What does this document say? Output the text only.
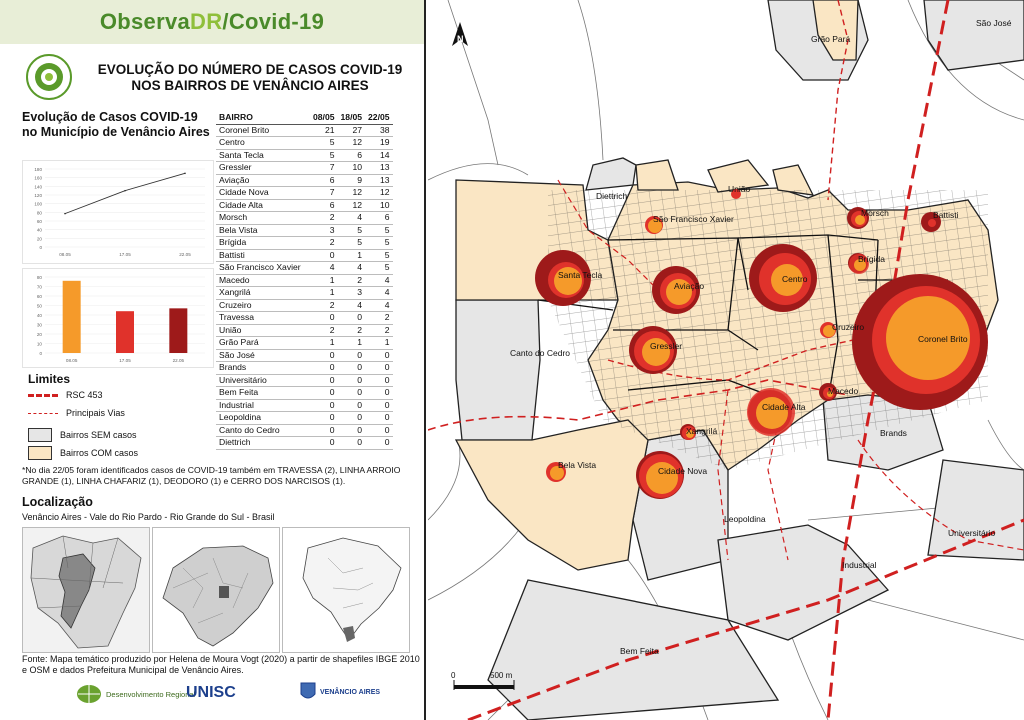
Observa DR /Covid-19
EVOLUÇÃO DO NÚMERO DE CASOS COVID-19
NOS BAIRROS DE VENÂNCIO AIRES
Evolução de Casos COVID-19 no Município de Venâncio Aires
0
20
40
60
80
100
120
140
160
180
08.05	17.05	22.05
0
10
20
30
40
50
60
70
80
08.05	17.05	22.05
BAIRRO	08/05	18/05	22/05
Coronel Brito	21	27	38
Centro	5	12	19
Santa Tecla	5	6	14
Gressler	7	10	13
Aviação	6	9	13
Cidade Nova	7	12	12
Cidade Alta	6	12	10
Morsch	2	4	6
Bela Vista	3	5	5
Brígida	2	5	5
Battisti	0	1	5
São Francisco Xavier	4	4	5
Macedo	1	2	4
Xangrilá	1	3	4
Cruzeiro	2	4	4
Travessa	0	0	2
União	2	2	2
Grão Pará	1	1	1
São José	0	0	0
Brands	0	0	0
Universitário	0	0	0
Bem Feita	0	0	0
Industrial	0	0	0
Leopoldina	0	0	0
Canto do Cedro	0	0	0
Diettrich	0	0	0
Limites
RSC 453
Principais Vias
Bairros SEM casos
Bairros COM casos
*No dia 22/05 foram identificados casos de COVID-19 também em TRAVESSA (2), LINHA ARROIO GRANDE (1), LINHA CHAFARIZ (1), DEODORO (1) e CERRO DOS NARCISOS (1).
Localização
Venâncio Aires - Vale do Rio Pardo - Rio Grande do Sul - Brasil
Fonte: Mapa temático produzido por Helena de Moura Vogt (2020) a partir de shapefiles IBGE 2010 e OSM e dados Prefeitura Municipal de Venâncio Aires.
Desenvolvimento Regional
UNISC	VENÂNCIO AIRES
Grão Pará
São José
União
Diettrich
São Francisco Xavier
Morsch	Battisti
Santa Tecla
Aviação
Centro
Brígida
Cruzeiro
Coronel Brito
Canto do Cedro
Gressler
Macedo
Cidade Alta
Brands
Xangrilá
Bela Vista
Cidade Nova
Leopoldina
Universitário
Industrial
Bem Feita
N
0	500 m
